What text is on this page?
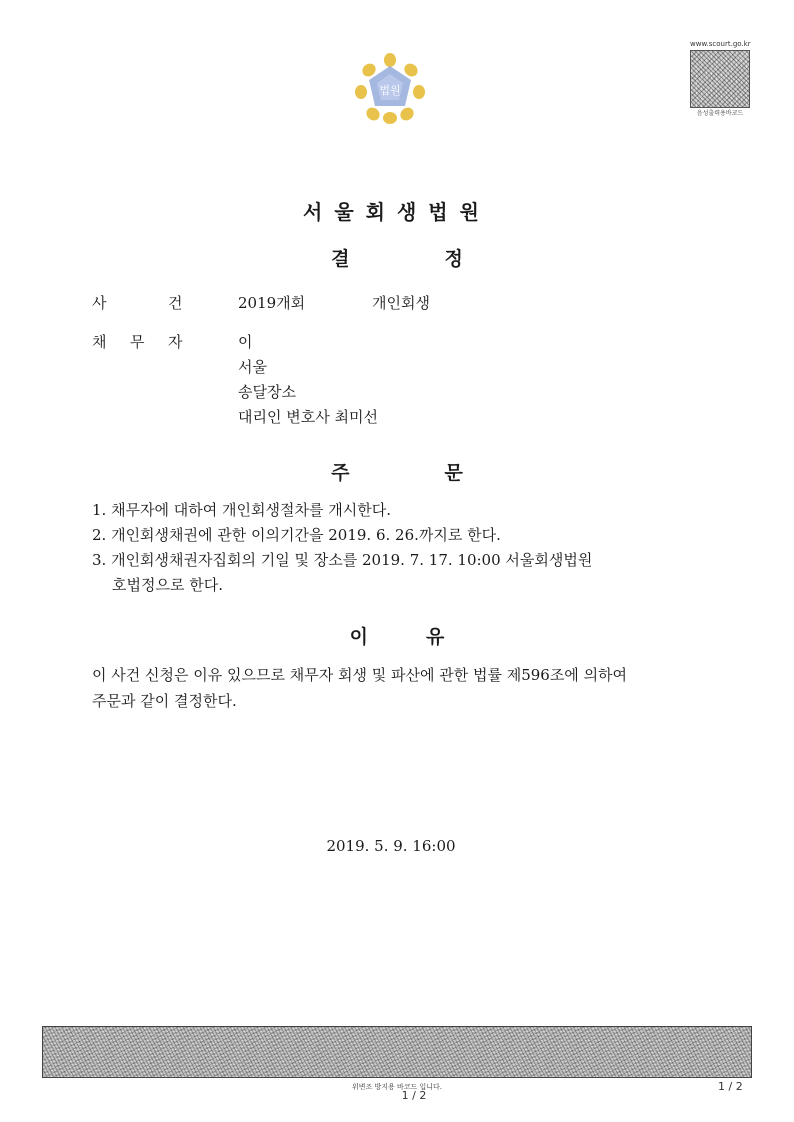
법원
www.scourt.go.kr
음성출력용바코드
서울회생법원
결	정
사	건	2019개회	개인회생
채 무 자	이
서울
송달장소
대리인 변호사 최미선
주	문
1. 채무자에 대하여 개인회생절차를 개시한다.
2. 개인회생채권에 관한 이의기간을 2019. 6. 26.까지로 한다.
3. 개인회생채권자집회의 기일 및 장소를 2019. 7. 17. 10:00 서울회생법원
호법정으로 한다.
이	유
이 사건 신청은 이유 있으므로 채무자 회생 및 파산에 관한 법률 제596조에 의하여
주문과 같이 결정한다.
2019. 5. 9. 16:00
위변조 방지용 바코드 입니다.
1 / 2
1 / 2
